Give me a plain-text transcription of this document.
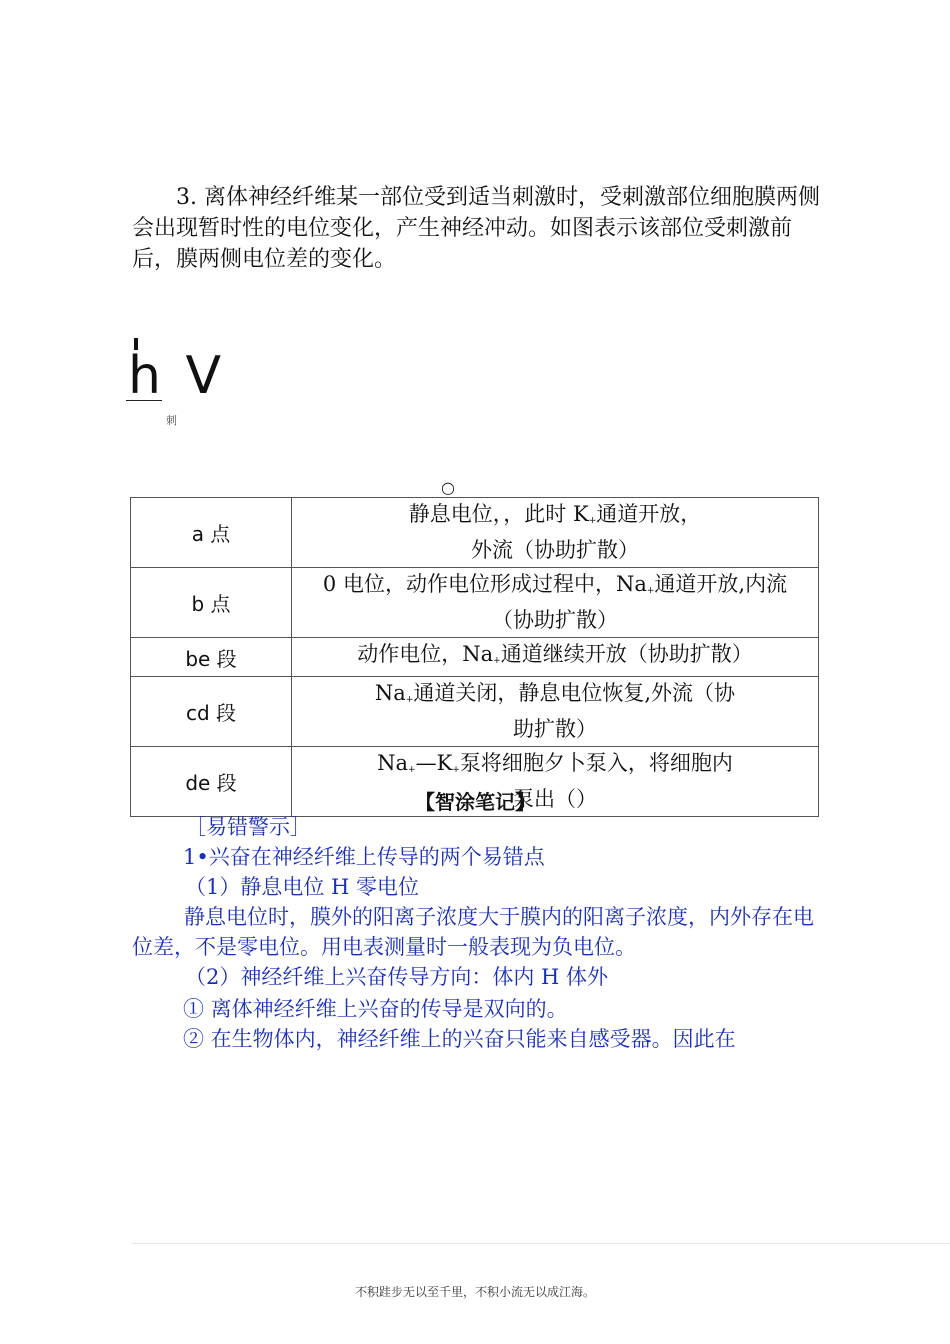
3. 离体神经纤维某一部位受到适当刺激时，受刺激部位细胞膜两侧会出现暂时性的电位变化，产生神经冲动。如图表示该部位受刺激前后，膜两侧电位差的变化。

h V
刺
○
a 点	静息电位，，此时 K+通道开放，
外流（协助扩散）

b 点	0 电位，动作电位形成过程中，Na+通道开放,内流
（协助扩散）

be 段	动作电位，Na+通道继续开放（协助扩散）

cd 段	Na+通道关闭，静息电位恢复,外流（协
助扩散）

de 段	Na+—K+泵将细胞夕卜泵入，将细胞内
泵出（）
【智涂笔记】

［易错警示］

1•兴奋在神经纤维上传导的两个易错点

（1）静息电位 H 零电位

静息电位时，膜外的阳离子浓度大于膜内的阳离子浓度，内外存在电位差，不是零电位。用电表测量时一般表现为负电位。

（2）神经纤维上兴奋传导方向：体内 H 体外

① 离体神经纤维上兴奋的传导是双向的。

② 在生物体内，神经纤维上的兴奋只能来自感受器。因此在

不积跬步无以至千里，不积小流无以成江海。
